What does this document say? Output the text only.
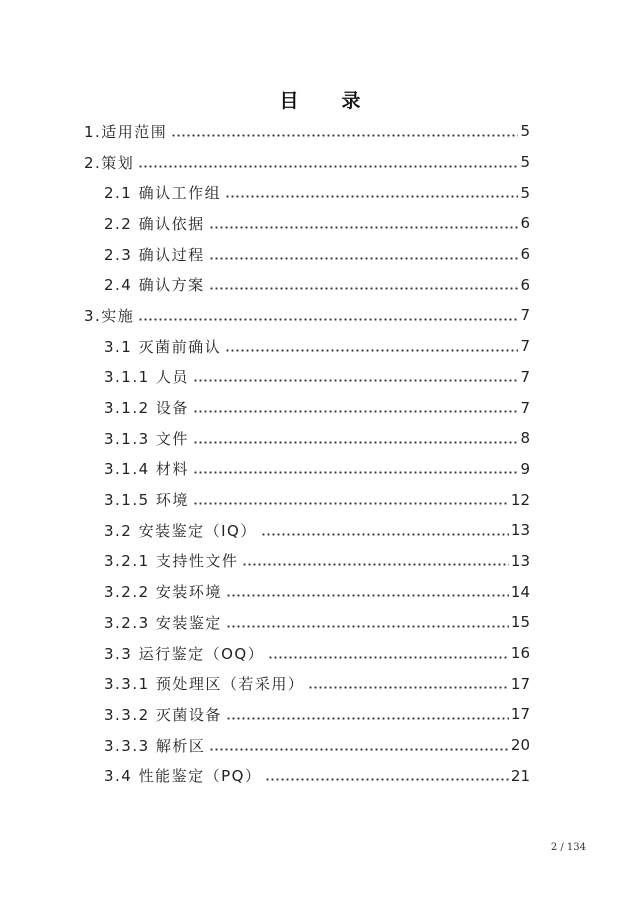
目　录
1.适用范围	5
2.策划	5
2.1 确认工作组	5
2.2 确认依据	6
2.3 确认过程	6
2.4 确认方案	6
3.实施	7
3.1 灭菌前确认	7
3.1.1 人员	7
3.1.2 设备	7
3.1.3 文件	8
3.1.4 材料	9
3.1.5 环境	12
3.2 安装鉴定（IQ）	13
3.2.1 支持性文件	13
3.2.2 安装环境	14
3.2.3 安装鉴定	15
3.3 运行鉴定（OQ）	16
3.3.1 预处理区（若采用）	17
3.3.2 灭菌设备	17
3.3.3 解析区	20
3.4 性能鉴定（PQ）	21
2 / 134
